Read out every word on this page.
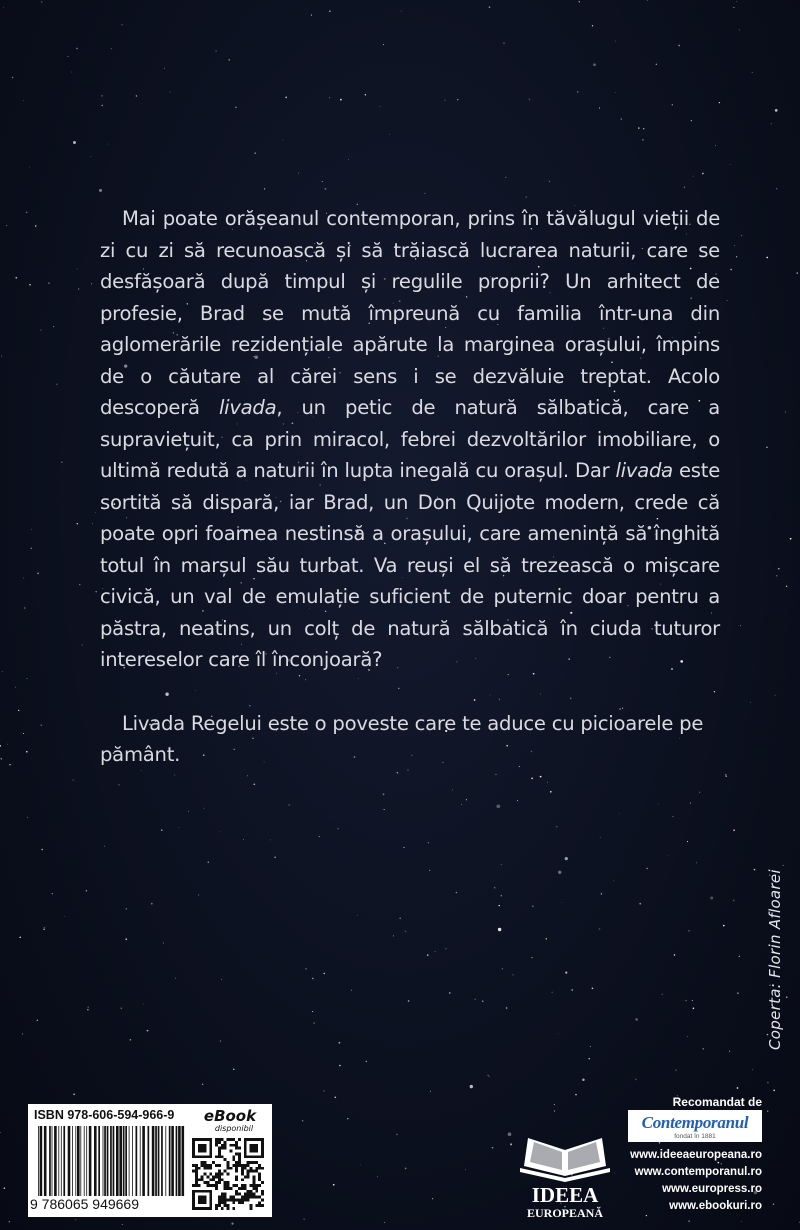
Mai poate orășeanul contemporan, prins în tăvălugul vieții de zi cu zi să recunoască și să trăiască lucrarea naturii, care se desfășoară după timpul și regulile proprii? Un arhitect de profesie, Brad se mută împreună cu familia într-una din aglomerările rezidențiale apărute la marginea orașului, împins de o căutare al cărei sens i se dezvăluie treptat. Acolo descoperă livada, un petic de natură sălbatică, care a supraviețuit, ca prin miracol, febrei dezvoltărilor imobiliare, o ultimă redută a naturii în lupta inegală cu orașul. Dar livada este sortită să dispară, iar Brad, un Don Quijote modern, crede că poate opri foamea nestinsă a orașului, care amenință să înghită totul în marșul său turbat. Va reuși el să trezească o mișcare civică, un val de emulație suficient de puternic doar pentru a păstra, neatins, un colț de natură sălbatică în ciuda tuturor intereselor care îl înconjoară?

Livada Regelui este o poveste care te aduce cu picioarele pe pământ.

Coperta: Florin Afloarei
ISBN 978-606-594-966-9
9 786065 949669
eBook
disponibil
IDEEA
EUROPEANĂ
Recomandat de
Contemporanul
fondat în 1881
www.ideeaeuropeana.ro
www.contemporanul.ro
www.europress.ro
www.ebookuri.ro
